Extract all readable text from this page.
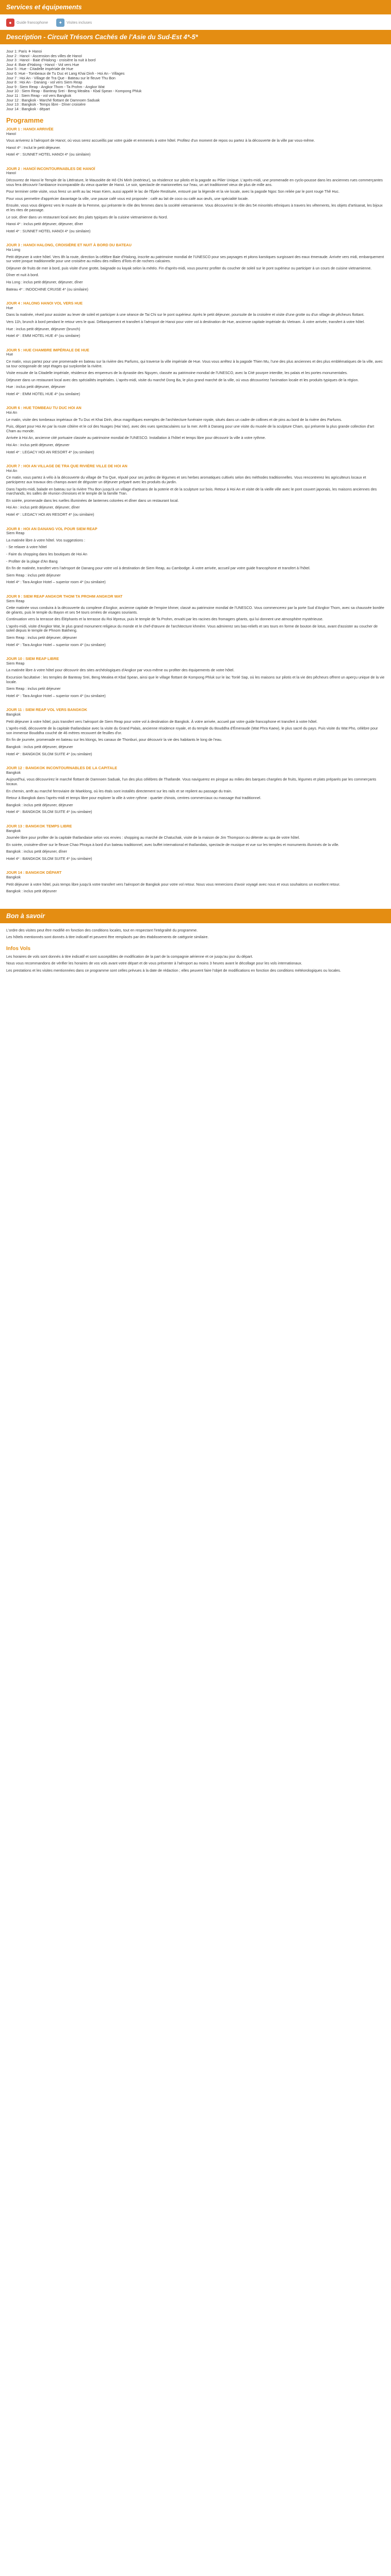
Services et équipements
●	Guide francophone
	✦	Visites incluses
Description - Circuit Trésors Cachés de l'Asie du Sud-Est 4*-5*
Jour 1: Paris ✈ Hanoi
Jour 2 : Hanoï - Ascension des villes de Hanoï
Jour 3 : Hanoï - Baie d'Halong - croisière la nuit à bord
Jour 4: Baie d'Halong - Hanoï - Vol vers Hue
Jour 5 : Hue - Citadelle impériale de Hue
Jour 6: Hue - Tombeaux de Tu Duc et Lang Khai Dinh - Hoi An - Villages
Jour 7 : Hoi An - Village de Tra Que - Bateau sur le fleuve Thu Bon
Jour 8 : Hoi An - Danang - vol vers Siem Reap
Jour 9 : Siem Reap - Angkor Thom - Ta Prohm - Angkor Wat
Jour 10 : Siem Reap - Banteay Srei - Beng Mealea - Kbal Spean - Kompong Phluk
Jour 11 : Siem Reap - vol vers Bangkok
Jour 12 : Bangkok - Marché flottant de Damnoen Saduak
Jour 13 : Bangkok - Temps libre - Dîner croisière
Jour 14 : Bangkok - départ
Programme
JOUR 1 : HANOI ARRIVÉE

Hanoï

Vous arriverez à l'aéroport de Hanoï, où vous serez accueillis par votre guide et emmenés à votre hôtel. Profitez d'un moment de repos ou partez à la découverte de la ville par vous-même.

Hanoï 4* : Inclut le petit déjeuner.

Hotel 4* : SUNNET HOTEL HANOI 4* (ou similaire)

JOUR 2 : HANOÏ INCONTOURNABLES DE HANOÏ

Hanoï

Découvrez de Hanoi le Temple de la Littérature, le Mausolée de Hô Chi Minh (extérieur), sa résidence sur pilotis et la pagode au Pilier Unique. L'après-midi, une promenade en cyclo-pousse dans les anciennes rues commerçantes vous fera découvrir l'ambiance incomparable du vieux quartier de Hanoi. Le soir, spectacle de marionnettes sur l'eau, un art traditionnel vieux de plus de mille ans.

Pour terminer cette visite, vous ferez un arrêt au lac Hoan Kiem, aussi appelé le lac de l'Épée Restituée, entouré par la légende et la vie locale, avec la pagode Ngoc Son reliée par le pont rouge Thê Huc.

Pour vous permettre d'apprécier davantage la ville, une pause café vous est proposée : café au lait de coco ou café aux œufs, une spécialité locale.

Ensuite, vous vous dirigerez vers le musée de la Femme, qui présente le rôle des femmes dans la société vietnamienne. Vous découvrirez le rôle des 54 minorités ethniques à travers les vêtements, les objets d'artisanat, les bijoux et les rites de passage.

Le soir, dîner dans un restaurant local avec des plats typiques de la cuisine vietnamienne du Nord.

Hanoi 4* : inclus petit déjeuner, déjeuner, dîner

Hotel 4* : SUNNET HOTEL HANOI 4* (ou similaire)

JOUR 3 : HANOI HALONG, CROISIÈRE ET NUIT À BORD DU BATEAU

Ha Long

Petit déjeuner à votre hôtel. Vers 8h la route, direction la célèbre Baie d'Halong, inscrite au patrimoine mondial de l'UNESCO pour ses paysages et pitons karstiques surgissant des eaux émeraude. Arrivée vers midi, embarquement sur votre jonque traditionnelle pour une croisière au milieu des milliers d'îlots et de rochers calcaires.

Déjeuner de fruits de mer à bord, puis visite d'une grotte, baignade ou kayak selon la météo. Fin d'après-midi, vous pourrez profiter du coucher de soleil sur le pont supérieur ou participer à un cours de cuisine vietnamienne.

Dîner et nuit à bord.

Ha Long : inclus petit déjeuner, déjeuner, dîner

Bateau 4* : INDOCHINE CRUISE 4* (ou similaire)

JOUR 4 : HALONG HANOI VOL VERS HUE

Hue

Dans la matinée, réveil pour assister au lever de soleil et participer à une séance de Tai Chi sur le pont supérieur. Après le petit déjeuner, poursuite de la croisière et visite d'une grotte ou d'un village de pêcheurs flottant.

Vers 11h, brunch à bord pendant le retour vers le quai. Débarquement et transfert à l'aéroport de Hanoi pour votre vol à destination de Hue, ancienne capitale impériale du Vietnam. À votre arrivée, transfert à votre hôtel.

Hue : inclus petit déjeuner, déjeuner (brunch)

Hotel 4* : EMM HOTEL HUE 4* (ou similaire)

JOUR 5 : HUE CHAMBRE IMPÉRIALE DE HUE

Hue

Ce matin, vous partez pour une promenade en bateau sur la rivière des Parfums, qui traverse la ville impériale de Hue. Vous vous arrêtez à la pagode Thien Mu, l'une des plus anciennes et des plus emblématiques de la ville, avec sa tour octogonale de sept étages qui surplombe la rivière.

Visite ensuite de la Citadelle impériale, résidence des empereurs de la dynastie des Nguyen, classée au patrimoine mondial de l'UNESCO, avec la Cité pourpre interdite, les palais et les portes monumentales.

Déjeuner dans un restaurant local avec des spécialités impériales. L'après-midi, visite du marché Dong Ba, le plus grand marché de la ville, où vous découvrirez l'animation locale et les produits typiques de la région.

Hue : inclus petit déjeuner, déjeuner

Hotel 4* : EMM HOTEL HUE 4* (ou similaire)

JOUR 6 : HUE TOMBEAU TU DUC HOI AN

Hoi An

Le matin, visite des tombeaux impériaux de Tu Duc et Khai Dinh, deux magnifiques exemples de l'architecture funéraire royale, situés dans un cadre de collines et de pins au bord de la rivière des Parfums.

Puis, départ pour Hoi An par la route côtière et le col des Nuages (Hai Van), avec des vues spectaculaires sur la mer. Arrêt à Danang pour une visite du musée de la sculpture Cham, qui présente la plus grande collection d'art Cham au monde.

Arrivée à Hoi An, ancienne cité portuaire classée au patrimoine mondial de l'UNESCO. Installation à l'hôtel et temps libre pour découvrir la ville à votre rythme.

Hoi An : inclus petit déjeuner, déjeuner

Hotel 4* : LEGACY HOI AN RESORT 4* (ou similaire)

JOUR 7 : HOI AN VILLAGE DE TRA QUE RIVIÈRE VILLE DE HOI AN

Hoi An

Ce matin, vous partez à vélo à la découverte du village de Tra Que, réputé pour ses jardins de légumes et ses herbes aromatiques cultivés selon des méthodes traditionnelles. Vous rencontrerez les agriculteurs locaux et participerez aux travaux des champs avant de déguster un déjeuner préparé avec les produits du jardin.

Dans l'après-midi, balade en bateau sur la rivière Thu Bon jusqu'à un village d'artisans de la poterie et de la sculpture sur bois. Retour à Hoi An et visite de la vieille ville avec le pont couvert japonais, les maisons anciennes des marchands, les salles de réunion chinoises et le temple de la famille Tran.

En soirée, promenade dans les ruelles illuminées de lanternes colorées et dîner dans un restaurant local.

Hoi An : inclus petit déjeuner, déjeuner, dîner

Hotel 4* : LEGACY HOI AN RESORT 4* (ou similaire)

JOUR 8 : HOI AN DANANG VOL POUR SIEM REAP

Siem Reap

La matinée libre à votre hôtel. Vos suggestions :

- Se relaxer à votre hôtel

- Faire du shopping dans les boutiques de Hoi An

- Profiter de la plage d'An Bang

En fin de matinée, transfert vers l'aéroport de Danang pour votre vol à destination de Siem Reap, au Cambodge. À votre arrivée, accueil par votre guide francophone et transfert à l'hôtel.

Siem Reap : inclus petit déjeuner

Hotel 4* : Tara Angkor Hotel – superior room 4* (ou similaire)

JOUR 9 : SIEM REAP ANGKOR THOM TA PROHM ANGKOR WAT

Siem Reap

Cette matinée vous conduira à la découverte du complexe d'Angkor, ancienne capitale de l'empire khmer, classé au patrimoine mondial de l'UNESCO. Vous commencerez par la porte Sud d'Angkor Thom, avec sa chaussée bordée de géants, puis le temple du Bayon et ses 54 tours ornées de visages souriants.

Continuation vers la terrasse des Éléphants et la terrasse du Roi lépreux, puis le temple de Ta Prohm, envahi par les racines des fromagers géants, qui lui donnent une atmosphère mystérieuse.

L'après-midi, visite d'Angkor Wat, le plus grand monument religieux du monde et le chef-d'œuvre de l'architecture khmère. Vous admirerez ses bas-reliefs et ses tours en forme de bouton de lotus, avant d'assister au coucher de soleil depuis le temple de Phnom Bakheng.

Siem Reap : inclus petit déjeuner, déjeuner

Hotel 4* : Tara Angkor Hotel – superior room 4* (ou similaire)

JOUR 10 : SIEM REAP LIBRE

Siem Reap

La matinée libre à votre hôtel pour découvrir des sites archéologiques d'Angkor par vous-même ou profiter des équipements de votre hôtel.

Excursion facultative : les temples de Banteay Srei, Beng Mealea et Kbal Spean, ainsi que le village flottant de Kompong Phluk sur le lac Tonlé Sap, où les maisons sur pilotis et la vie des pêcheurs offrent un aperçu unique de la vie locale.

Siem Reap : inclus petit déjeuner

Hotel 4* : Tara Angkor Hotel – superior room 4* (ou similaire)

JOUR 11 : SIEM REAP VOL VERS BANGKOK

Bangkok

Petit déjeuner à votre hôtel, puis transfert vers l'aéroport de Siem Reap pour votre vol à destination de Bangkok. À votre arrivée, accueil par votre guide francophone et transfert à votre hôtel.

L'après-midi, découverte de la capitale thaïlandaise avec la visite du Grand Palais, ancienne résidence royale, et du temple du Bouddha d'Émeraude (Wat Phra Kaew), le plus sacré du pays. Puis visite du Wat Pho, célèbre pour son immense Bouddha couché de 46 mètres recouvert de feuilles d'or.

En fin de journée, promenade en bateau sur les klongs, les canaux de Thonburi, pour découvrir la vie des habitants le long de l'eau.

Bangkok : inclus petit déjeuner, déjeuner

Hotel 4* : BANGKOK SILOM SUITE 4* (ou similaire)

JOUR 12 : BANGKOK INCONTOURNABLES DE LA CAPITALE

Bangkok

Aujourd'hui, vous découvrirez le marché flottant de Damnoen Saduak, l'un des plus célèbres de Thaïlande. Vous naviguerez en pirogue au milieu des barques chargées de fruits, légumes et plats préparés par les commerçants locaux.

En chemin, arrêt au marché ferroviaire de Maeklong, où les étals sont installés directement sur les rails et se replient au passage du train.

Retour à Bangkok dans l'après-midi et temps libre pour explorer la ville à votre rythme : quartier chinois, centres commerciaux ou massage thaï traditionnel.

Bangkok : inclus petit déjeuner, déjeuner

Hotel 4* : BANGKOK SILOM SUITE 4* (ou similaire)

JOUR 13 : BANGKOK TEMPS LIBRE

Bangkok

Journée libre pour profiter de la capitale thaïlandaise selon vos envies : shopping au marché de Chatuchak, visite de la maison de Jim Thompson ou détente au spa de votre hôtel.

En soirée, croisière-dîner sur le fleuve Chao Phraya à bord d'un bateau traditionnel, avec buffet international et thaïlandais, spectacle de musique et vue sur les temples et monuments illuminés de la ville.

Bangkok : inclus petit déjeuner, dîner

Hotel 4* : BANGKOK SILOM SUITE 4* (ou similaire)

JOUR 14 : BANGKOK DÉPART

Bangkok

Petit déjeuner à votre hôtel, puis temps libre jusqu'à votre transfert vers l'aéroport de Bangkok pour votre vol retour. Nous vous remercions d'avoir voyagé avec nous et vous souhaitons un excellent retour.

Bangkok : inclus petit déjeuner

Bon à savoir

L'ordre des visites peut être modifié en fonction des conditions locales, tout en respectant l'intégralité du programme.

Les hôtels mentionnés sont donnés à titre indicatif et peuvent être remplacés par des établissements de catégorie similaire.

Infos Vols

Les horaires de vols sont donnés à titre indicatif et sont susceptibles de modification de la part de la compagnie aérienne et ce jusqu'au jour du départ.

Nous vous recommandons de vérifier les horaires de vos vols avant votre départ et de vous présenter à l'aéroport au moins 3 heures avant le décollage pour les vols internationaux.

Les prestations et les visites mentionnées dans ce programme sont celles prévues à la date de rédaction ; elles peuvent faire l'objet de modifications en fonction des conditions météorologiques ou locales.
